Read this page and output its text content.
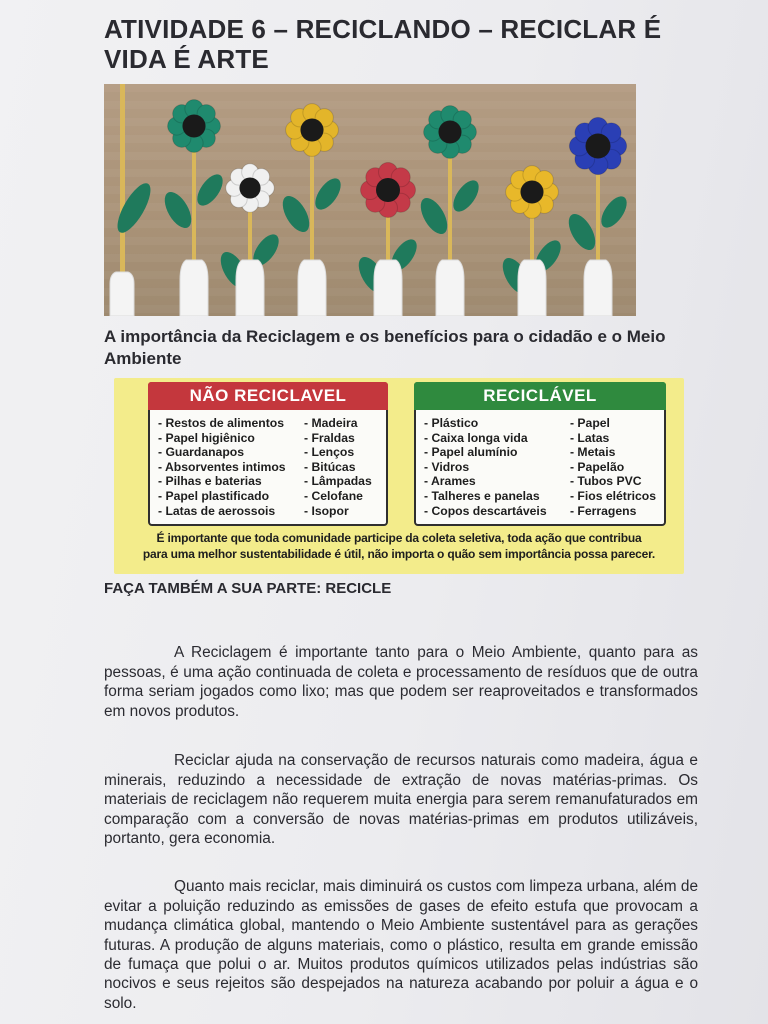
ATIVIDADE 6 – RECICLANDO – RECICLAR É VIDA É ARTE
A importância da Reciclagem e os benefícios para o cidadão e o Meio Ambiente
NÃO RECICLAVEL
- Restos de alimentos
- Papel higiênico
- Guardanapos
- Absorventes intimos
- Pilhas e baterias
- Papel plastificado
- Latas de aerossois
- Madeira
- Fraldas
- Lenços
- Bitúcas
- Lâmpadas
- Celofane
- Isopor
RECICLÁVEL
- Plástico
- Caixa longa vida
- Papel alumínio
- Vidros
- Arames
- Talheres e panelas
- Copos descartáveis
- Papel
- Latas
- Metais
- Papelão
- Tubos PVC
- Fios elétricos
- Ferragens
É importante que toda comunidade participe da coleta seletiva, toda ação que contribua
para uma melhor sustentabilidade é útil, não importa o quão sem importância possa parecer.
FAÇA TAMBÉM A SUA PARTE: RECICLE

A Reciclagem é importante tanto para o Meio Ambiente, quanto para as pessoas, é uma ação continuada de coleta e processamento de resíduos que de outra forma seriam jogados como lixo; mas que podem ser reaproveitados e transformados em novos produtos.

Reciclar ajuda na conservação de recursos naturais como madeira, água e minerais, reduzindo a necessidade de extração de novas matérias-primas. Os materiais de reciclagem não requerem muita energia para serem remanufaturados em comparação com a conversão de novas matérias-primas em produtos utilizáveis, portanto, gera economia.

Quanto mais reciclar, mais diminuirá os custos com limpeza urbana, além de evitar a poluição reduzindo as emissões de gases de efeito estufa que provocam a mudança climática global, mantendo o Meio Ambiente sustentável para as gerações futuras. A produção de alguns materiais, como o plástico, resulta em grande emissão de fumaça que polui o ar. Muitos produtos químicos utilizados pelas indústrias são nocivos e seus rejeitos são despejados na natureza acabando por poluir a água e o solo.
